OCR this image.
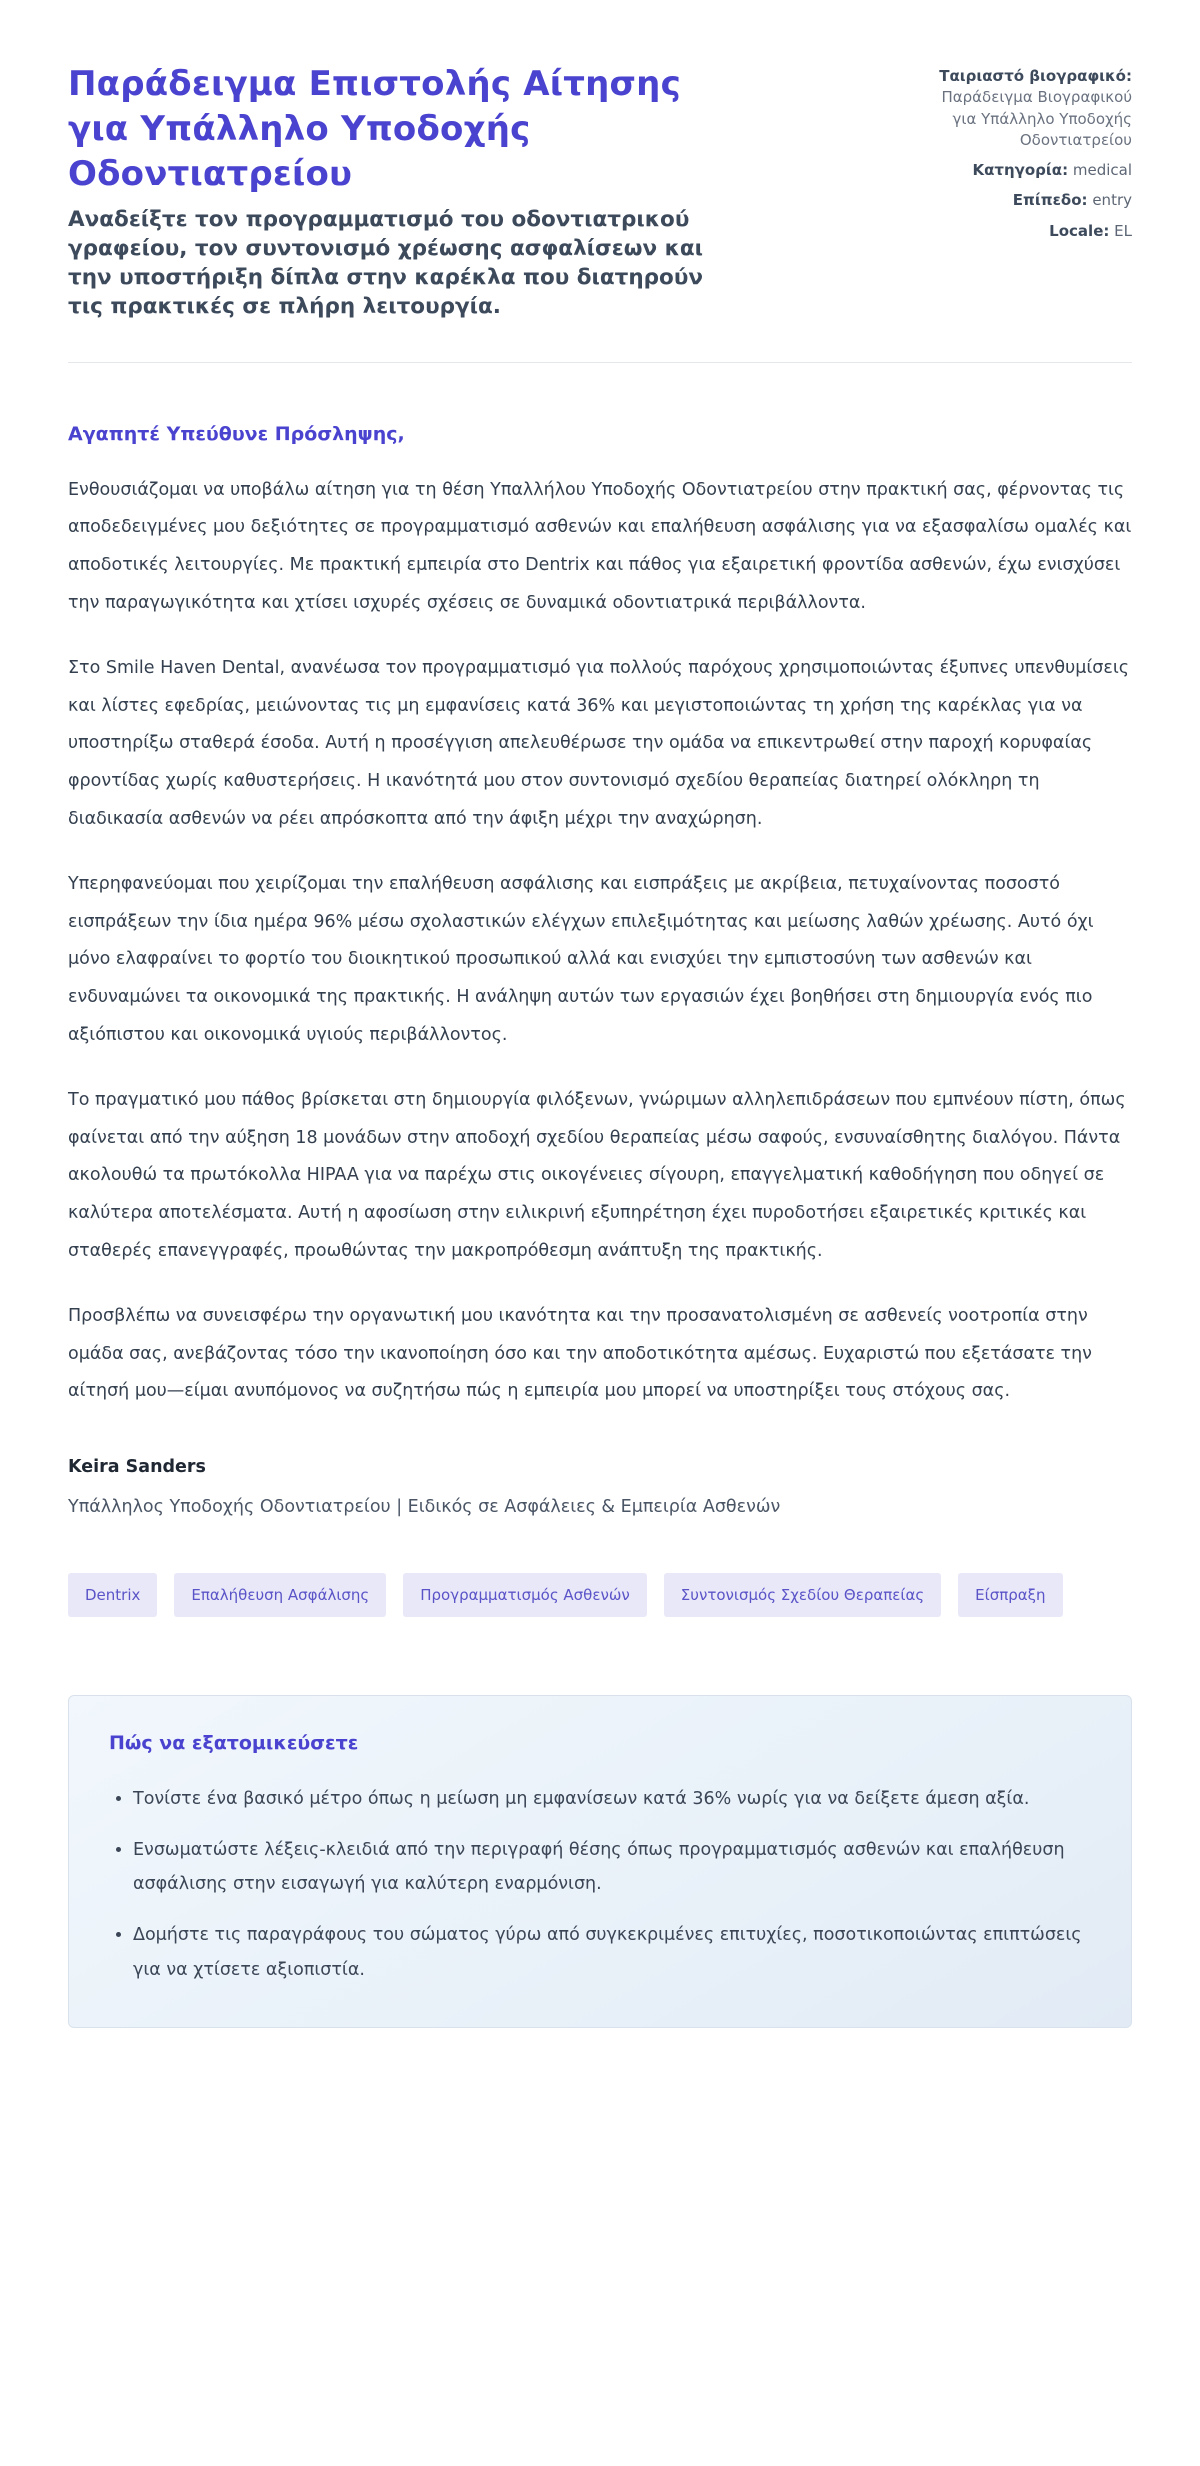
Παράδειγμα Επιστολής Αίτησης για Υπάλληλο Υποδοχής Οδοντιατρείου
Αναδείξτε τον προγραμματισμό του οδοντιατρικού γραφείου, τον συντονισμό χρέωσης ασφαλίσεων και την υποστήριξη δίπλα στην καρέκλα που διατηρούν τις πρακτικές σε πλήρη λειτουργία.
Ταιριαστό βιογραφικό: Παράδειγμα Βιογραφικού για Υπάλληλο Υποδοχής Οδοντιατρείου
Κατηγορία: medical
Επίπεδο: entry
Locale: EL
Αγαπητέ Υπεύθυνε Πρόσληψης,

Ενθουσιάζομαι να υποβάλω αίτηση για τη θέση Υπαλλήλου Υποδοχής Οδοντιατρείου στην πρακτική σας, φέρνοντας τις αποδεδειγμένες μου δεξιότητες σε προγραμματισμό ασθενών και επαλήθευση ασφάλισης για να εξασφαλίσω ομαλές και αποδοτικές λειτουργίες. Με πρακτική εμπειρία στο Dentrix και πάθος για εξαιρετική φροντίδα ασθενών, έχω ενισχύσει την παραγωγικότητα και χτίσει ισχυρές σχέσεις σε δυναμικά οδοντιατρικά περιβάλλοντα.

Στο Smile Haven Dental, ανανέωσα τον προγραμματισμό για πολλούς παρόχους χρησιμοποιώντας έξυπνες υπενθυμίσεις και λίστες εφεδρίας, μειώνοντας τις μη εμφανίσεις κατά 36% και μεγιστοποιώντας τη χρήση της καρέκλας για να υποστηρίξω σταθερά έσοδα. Αυτή η προσέγγιση απελευθέρωσε την ομάδα να επικεντρωθεί στην παροχή κορυφαίας φροντίδας χωρίς καθυστερήσεις. Η ικανότητά μου στον συντονισμό σχεδίου θεραπείας διατηρεί ολόκληρη τη διαδικασία ασθενών να ρέει απρόσκοπτα από την άφιξη μέχρι την αναχώρηση.

Υπερηφανεύομαι που χειρίζομαι την επαλήθευση ασφάλισης και εισπράξεις με ακρίβεια, πετυχαίνοντας ποσοστό εισπράξεων την ίδια ημέρα 96% μέσω σχολαστικών ελέγχων επιλεξιμότητας και μείωσης λαθών χρέωσης. Αυτό όχι μόνο ελαφραίνει το φορτίο του διοικητικού προσωπικού αλλά και ενισχύει την εμπιστοσύνη των ασθενών και ενδυναμώνει τα οικονομικά της πρακτικής. Η ανάληψη αυτών των εργασιών έχει βοηθήσει στη δημιουργία ενός πιο αξιόπιστου και οικονομικά υγιούς περιβάλλοντος.

Το πραγματικό μου πάθος βρίσκεται στη δημιουργία φιλόξενων, γνώριμων αλληλεπιδράσεων που εμπνέουν πίστη, όπως φαίνεται από την αύξηση 18 μονάδων στην αποδοχή σχεδίου θεραπείας μέσω σαφούς, ενσυναίσθητης διαλόγου. Πάντα ακολουθώ τα πρωτόκολλα HIPAA για να παρέχω στις οικογένειες σίγουρη, επαγγελματική καθοδήγηση που οδηγεί σε καλύτερα αποτελέσματα. Αυτή η αφοσίωση στην ειλικρινή εξυπηρέτηση έχει πυροδοτήσει εξαιρετικές κριτικές και σταθερές επανεγγραφές, προωθώντας την μακροπρόθεσμη ανάπτυξη της πρακτικής.

Προσβλέπω να συνεισφέρω την οργανωτική μου ικανότητα και την προσανατολισμένη σε ασθενείς νοοτροπία στην ομάδα σας, ανεβάζοντας τόσο την ικανοποίηση όσο και την αποδοτικότητα αμέσως. Ευχαριστώ που εξετάσατε την αίτησή μου—είμαι ανυπόμονος να συζητήσω πώς η εμπειρία μου μπορεί να υποστηρίξει τους στόχους σας.

Keira Sanders
Υπάλληλος Υποδοχής Οδοντιατρείου | Ειδικός σε Ασφάλειες & Εμπειρία Ασθενών
Dentrix	Επαλήθευση Ασφάλισης	Προγραμματισμός Ασθενών	Συντονισμός Σχεδίου Θεραπείας	Είσπραξη
Πώς να εξατομικεύσετε
• Τονίστε ένα βασικό μέτρο όπως η μείωση μη εμφανίσεων κατά 36% νωρίς για να δείξετε άμεση αξία.
• Ενσωματώστε λέξεις-κλειδιά από την περιγραφή θέσης όπως προγραμματισμός ασθενών και επαλήθευση ασφάλισης στην εισαγωγή για καλύτερη εναρμόνιση.
• Δομήστε τις παραγράφους του σώματος γύρω από συγκεκριμένες επιτυχίες, ποσοτικοποιώντας επιπτώσεις για να χτίσετε αξιοπιστία.
